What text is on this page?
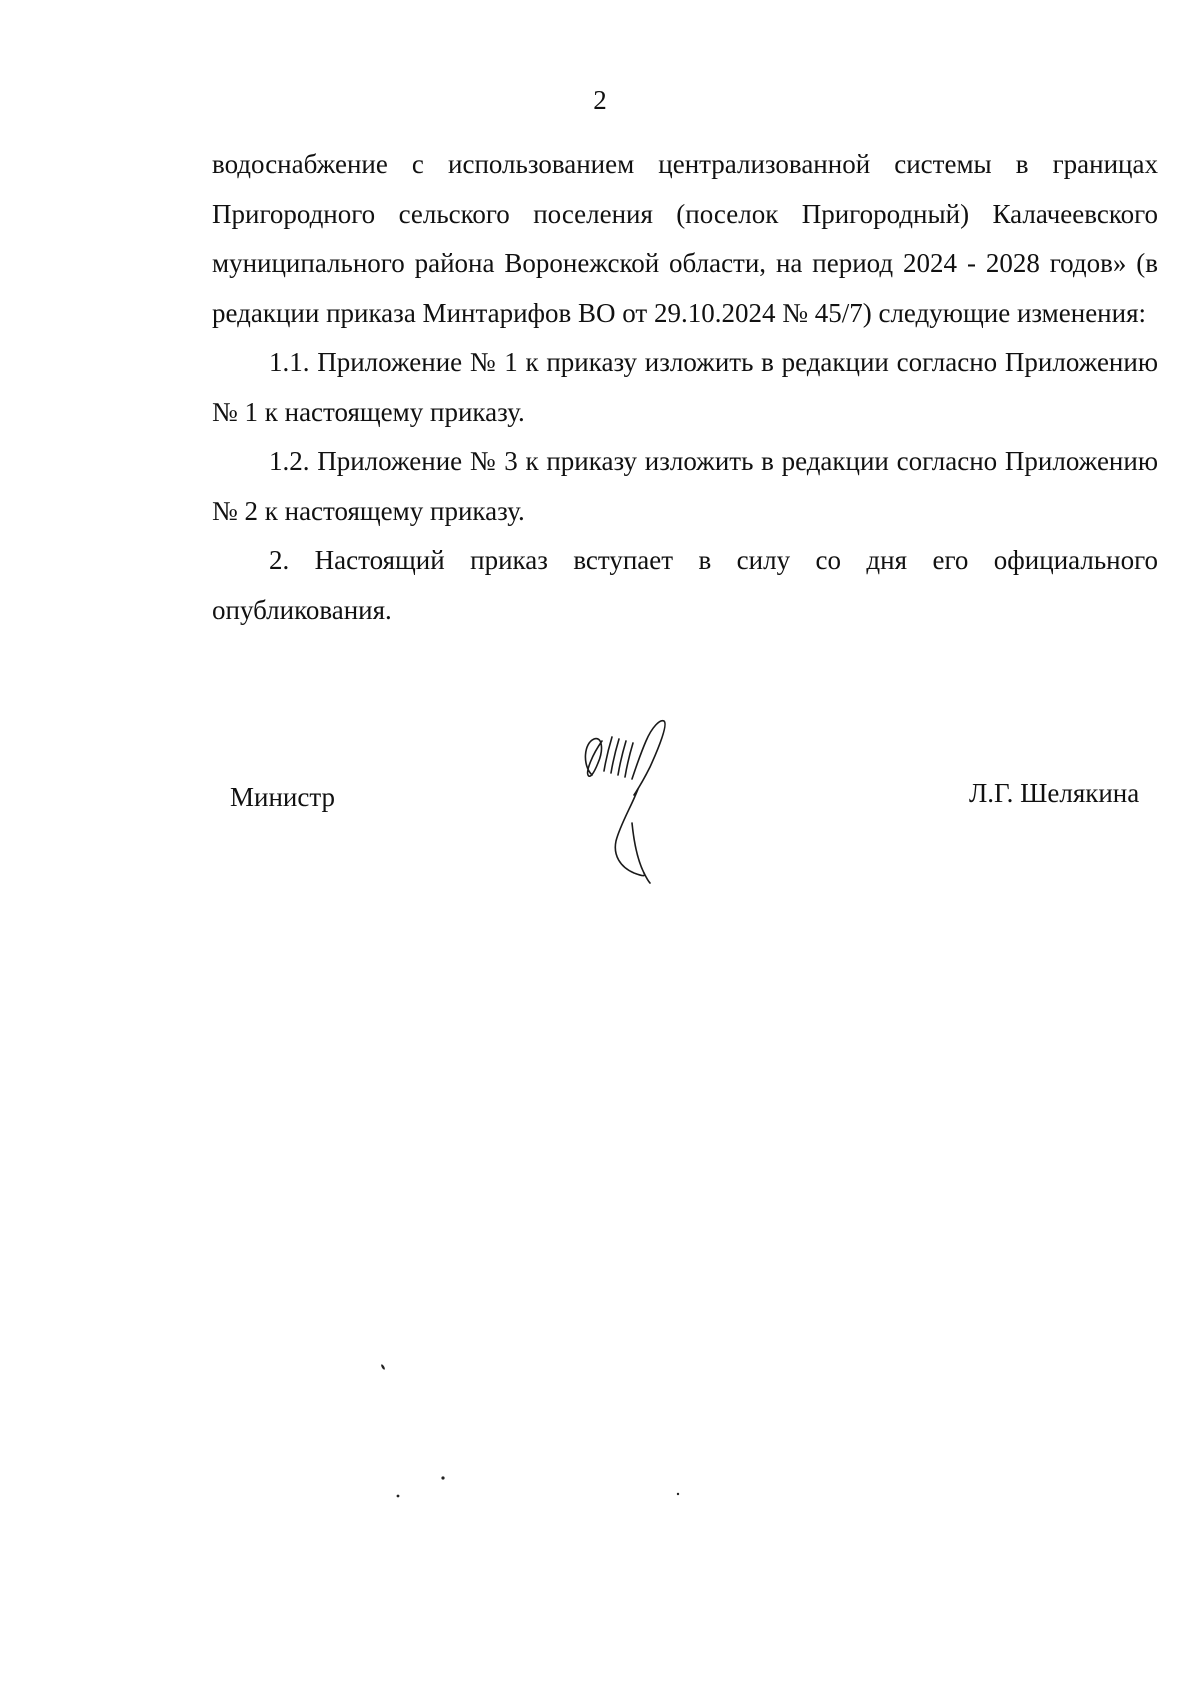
2

водоснабжение с использованием централизованной системы в границах Пригородного сельского поселения (поселок Пригородный) Калачеевского муниципального района Воронежской области, на период 2024 - 2028 годов» (в редакции приказа Минтарифов ВО от 29.10.2024 № 45/7) следующие изменения:

1.1. Приложение № 1 к приказу изложить в редакции согласно Приложению № 1 к настоящему приказу.

1.2. Приложение № 3 к приказу изложить в редакции согласно Приложению № 2 к настоящему приказу.

2. Настоящий приказ вступает в силу со дня его официального опубликования.

Министр	Л.Г. Шелякина
